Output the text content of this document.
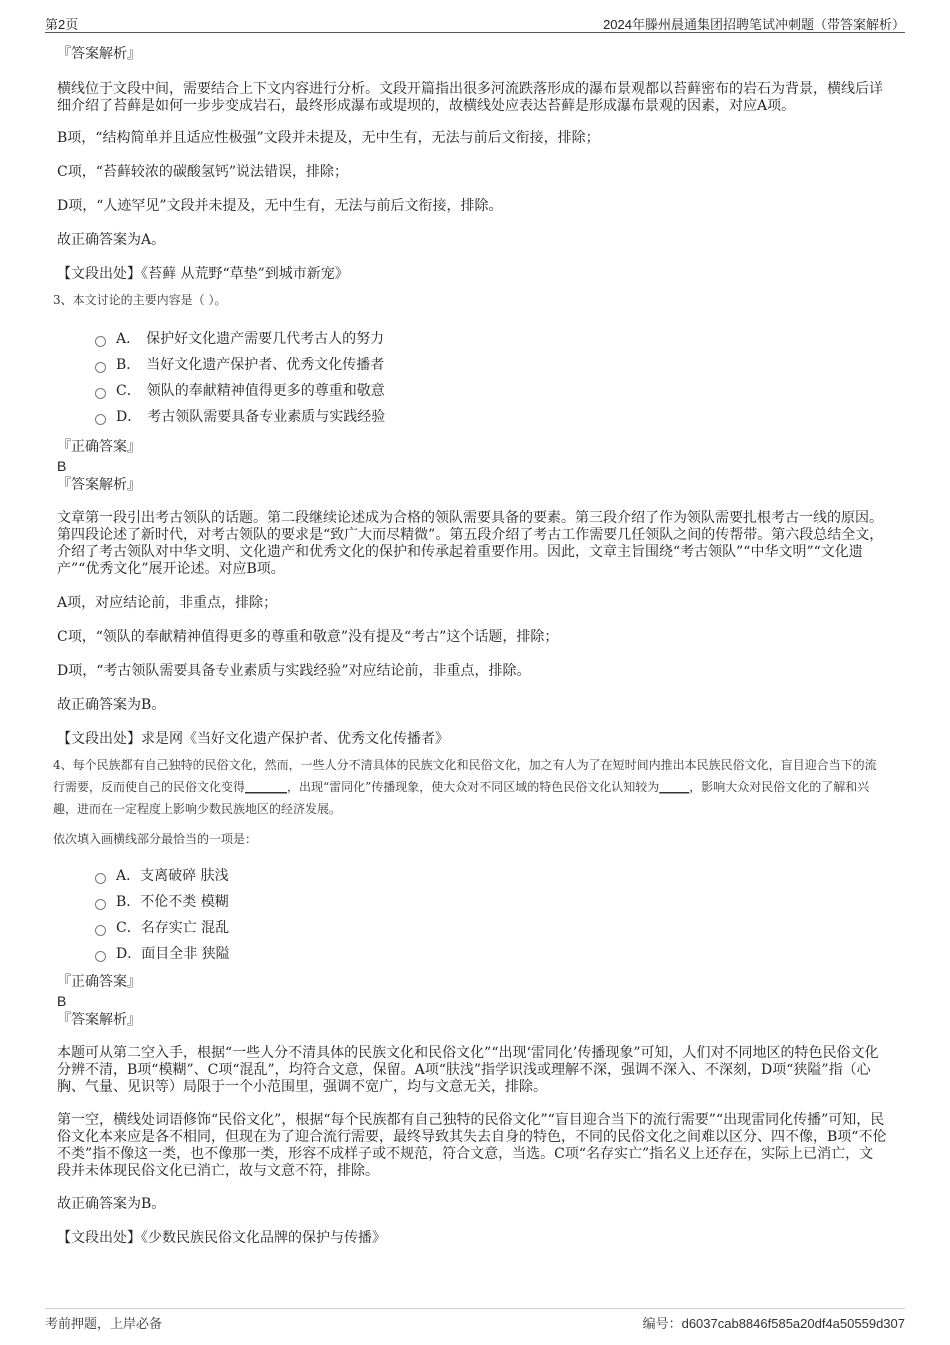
第2页	2024年滕州晨通集团招聘笔试冲刺题（带答案解析）

『答案解析』

横线位于文段中间，需要结合上下文内容进行分析。文段开篇指出很多河流跌落形成的瀑布景观都以苔藓密布的岩石为背景，横线后详细介绍了苔藓是如何一步步变成岩石，最终形成瀑布或堤坝的，故横线处应表达苔藓是形成瀑布景观的因素，对应A项。

B项，“结构简单并且适应性极强”文段并未提及，无中生有，无法与前后文衔接，排除；

C项，“苔藓较浓的碳酸氢钙”说法错误，排除；

D项，“人迹罕见”文段并未提及，无中生有，无法与前后文衔接，排除。

故正确答案为A。

【文段出处】《苔藓 从荒野“草垫”到城市新宠》

3、本文讨论的主要内容是（ ）。

A． 保护好文化遗产需要几代考古人的努力
B． 当好文化遗产保护者、优秀文化传播者
C． 领队的奉献精神值得更多的尊重和敬意
D． 考古领队需要具备专业素质与实践经验

『正确答案』

B

『答案解析』

文章第一段引出考古领队的话题。第二段继续论述成为合格的领队需要具备的要素。第三段介绍了作为领队需要扎根考古一线的原因。第四段论述了新时代，对考古领队的要求是“致广大而尽精微”。第五段介绍了考古工作需要几任领队之间的传帮带。第六段总结全文，介绍了考古领队对中华文明、文化遗产和优秀文化的保护和传承起着重要作用。因此，文章主旨围绕“考古领队”“中华文明”“文化遗产”“优秀文化”展开论述。对应B项。

A项，对应结论前，非重点，排除；

C项，“领队的奉献精神值得更多的尊重和敬意”没有提及“考古”这个话题，排除；

D项，“考古领队需要具备专业素质与实践经验”对应结论前，非重点，排除。

故正确答案为B。

【文段出处】求是网《当好文化遗产保护者、优秀文化传播者》

4、每个民族都有自己独特的民俗文化，然而，一些人分不清具体的民族文化和民俗文化，加之有人为了在短时间内推出本民族民俗文化，盲目迎合当下的流行需要，反而使自己的民俗文化变得_______，出现“雷同化”传播现象，使大众对不同区域的特色民俗文化认知较为_____，影响大众对民俗文化的了解和兴趣，进而在一定程度上影响少数民族地区的经济发展。

依次填入画横线部分最恰当的一项是：

A． 支离破碎 肤浅
B． 不伦不类 模糊
C． 名存实亡 混乱
D． 面目全非 狭隘

『正确答案』

B

『答案解析』

本题可从第二空入手，根据“一些人分不清具体的民族文化和民俗文化”“出现‘雷同化’传播现象”可知，人们对不同地区的特色民俗文化分辨不清，B项“模糊”、C项“混乱”，均符合文意，保留。A项“肤浅”指学识浅或理解不深，强调不深入、不深刻，D项“狭隘”指（心胸、气量、见识等）局限于一个小范围里，强调不宽广，均与文意无关，排除。

第一空，横线处词语修饰“民俗文化”，根据“每个民族都有自己独特的民俗文化”“盲目迎合当下的流行需要”“出现雷同化传播”可知，民俗文化本来应是各不相同，但现在为了迎合流行需要，最终导致其失去自身的特色，不同的民俗文化之间难以区分、四不像，B项“不伦不类”指不像这一类，也不像那一类，形容不成样子或不规范，符合文意，当选。C项“名存实亡”指名义上还存在，实际上已消亡，文段并未体现民俗文化已消亡，故与文意不符，排除。

故正确答案为B。

【文段出处】《少数民族民俗文化品牌的保护与传播》

考前押题，上岸必备	编号：d6037cab8846f585a20df4a50559d307
